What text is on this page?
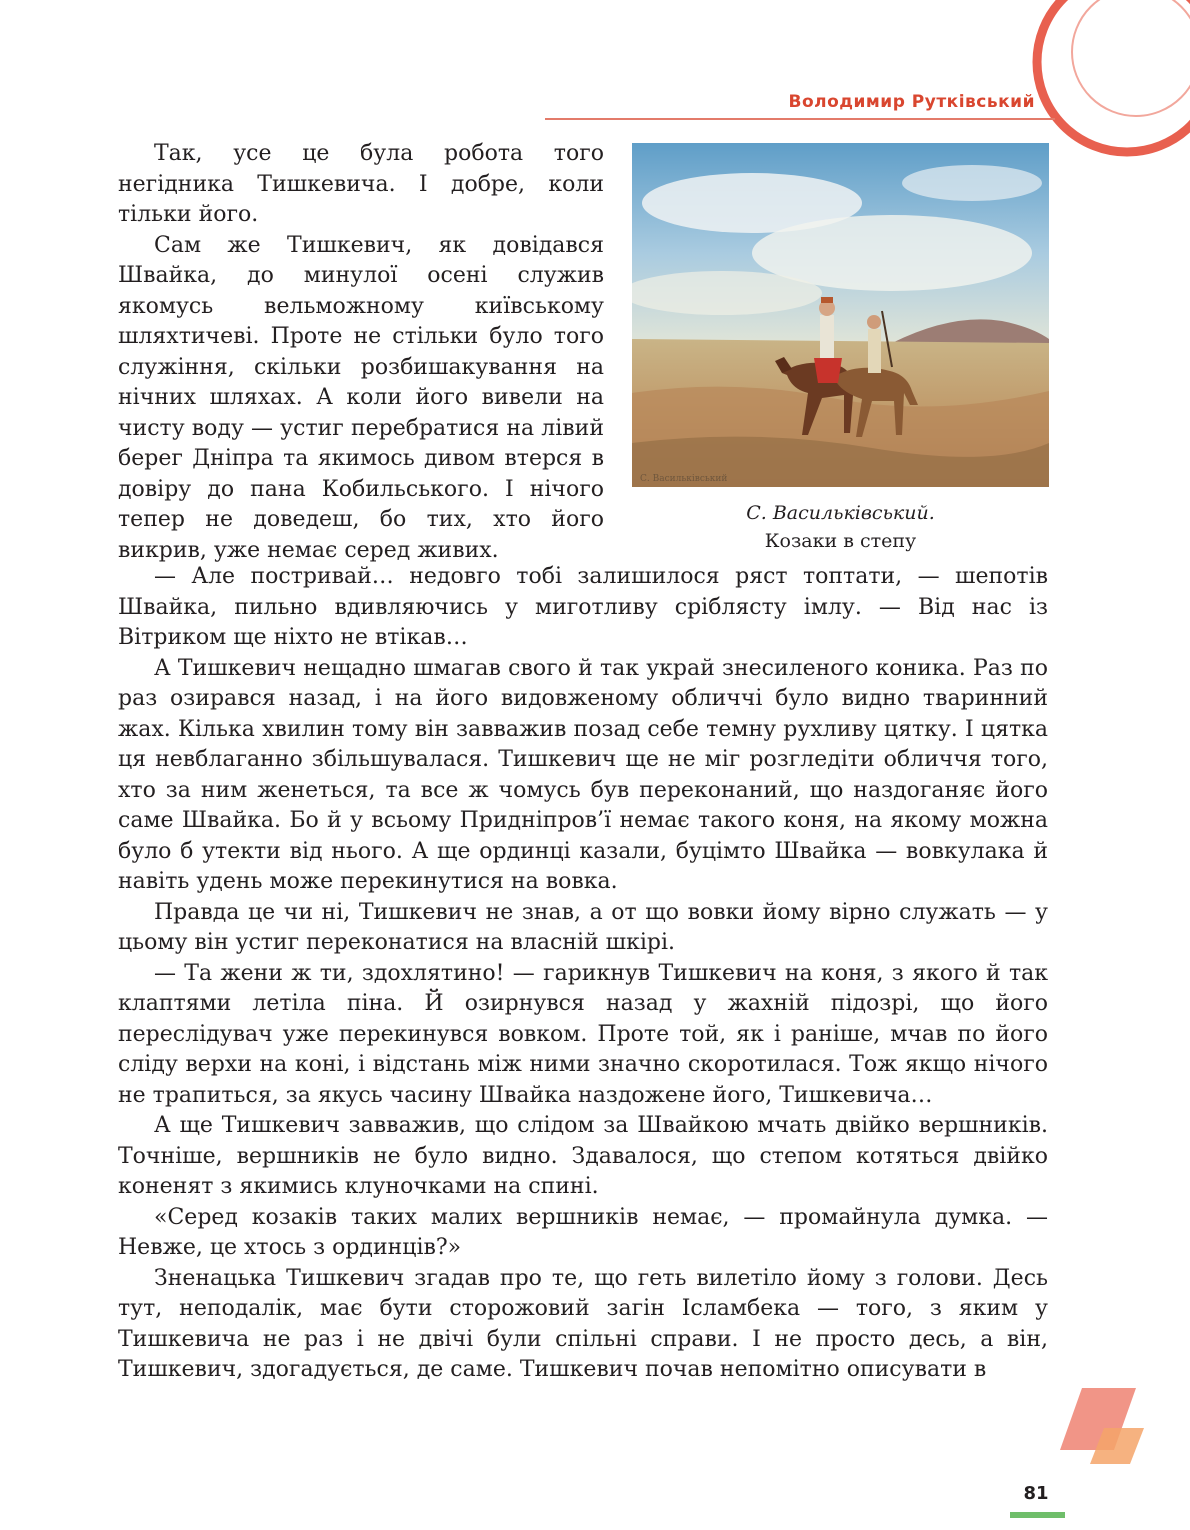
Володимир Рутківський

Так, усе це була робота того негідника Тишкевича. І добре, коли тільки його.

Сам же Тишкевич, як довідався Швайка, до минулої осені служив якомусь вельможному київському шляхтичеві. Проте не стільки було того служіння, скільки розбишакування на нічних шляхах. А коли його вивели на чисту воду — устиг перебратися на лівий берег Дніпра та якимось дивом втерся в довіру до пана Кобильського. І нічого тепер не доведеш, бо тих, хто його викрив, уже немає серед живих.

С. Васильківський
С. Васильківський.
Козаки в степу

— Але постривай… недовго тобі залишилося ряст топтати, — шепотів Швайка, пильно вдивляючись у миготливу сріблясту імлу. — Від нас із Вітриком ще ніхто не втікав…

А Тишкевич нещадно шмагав свого й так украй знесиленого коника. Раз по раз озирався назад, і на його видовженому обличчі було видно тваринний жах. Кілька хвилин тому він завважив позад себе темну рухливу цятку. І цятка ця невблаганно збільшувалася. Тишкевич ще не міг розгледіти обличчя того, хто за ним женеться, та все ж чомусь був переконаний, що наздоганяє його саме Швайка. Бо й у всьому Придніпров’ї немає такого коня, на якому можна було б утекти від нього. А ще ординці казали, буцімто Швайка — вовкулака й навіть удень може перекинутися на вовка.

Правда це чи ні, Тишкевич не знав, а от що вовки йому вірно служать — у цьому він устиг переконатися на власній шкірі.

— Та жени ж ти, здохлятино! — гарикнув Тишкевич на коня, з якого й так клаптями летіла піна. Й озирнувся назад у жахній підозрі, що його переслідувач уже перекинувся вовком. Проте той, як і раніше, мчав по його сліду верхи на коні, і відстань між ними значно скоротилася. Тож якщо нічого не трапиться, за якусь часину Швайка наздожене його, Тишкевича…

А ще Тишкевич завважив, що слідом за Швайкою мчать двійко вершників. Точніше, вершників не було видно. Здавалося, що степом котяться двійко коненят з якимись клуночками на спині.

«Серед козаків таких малих вершників немає, — промайнула думка. — Невже, це хтось з ординців?»

Зненацька Тишкевич згадав про те, що геть вилетіло йому з голови. Десь тут, неподалік, має бути сторожовий загін Ісламбека — того, з яким у Тишкевича не раз і не двічі були спільні справи. І не просто десь, а він, Тишкевич, здогадується, де саме. Тишкевич почав непомітно описувати в

81
